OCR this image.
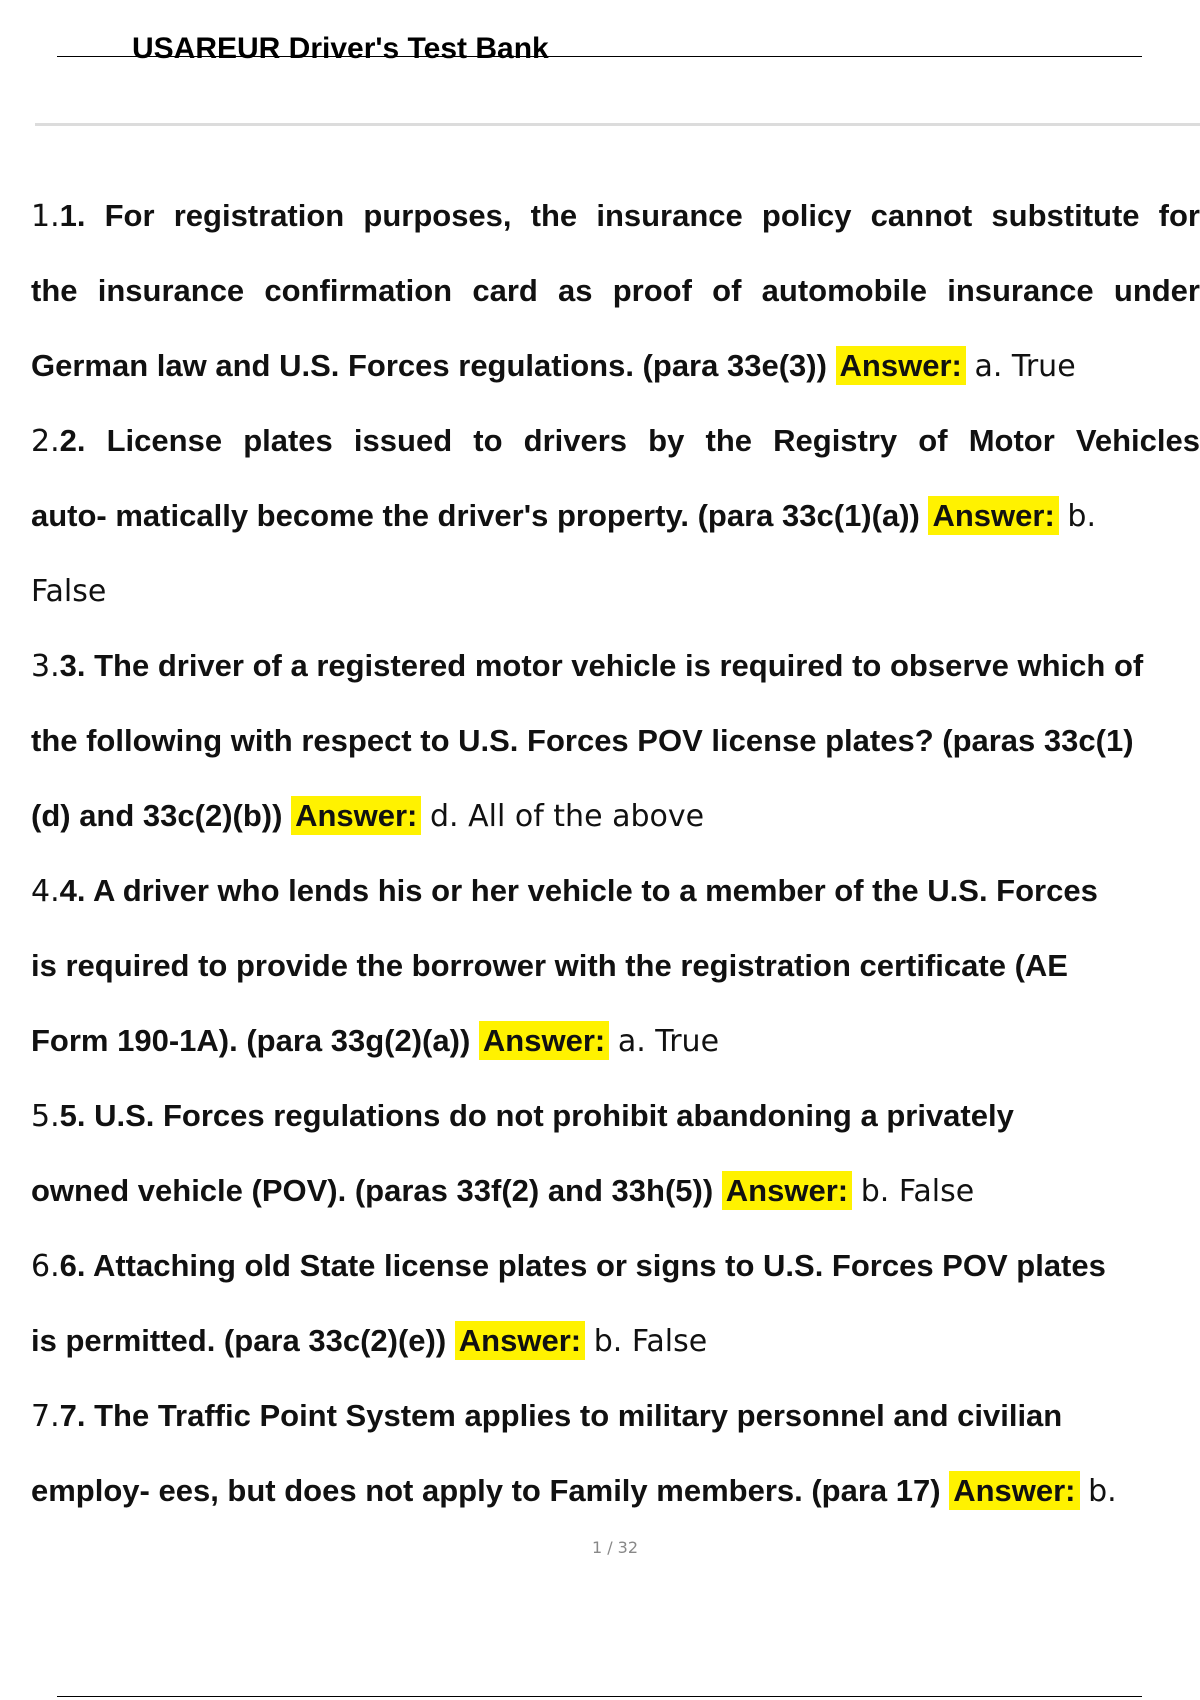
USAREUR Driver's Test Bank
1.1. For registration purposes, the insurance policy cannot substitute for
the insurance confirmation card as proof of automobile insurance under
German law and U.S. Forces regulations. (para 33e(3)) Answer: a. True
2.2. License plates issued to drivers by the Registry of Motor Vehicles
auto- matically become the driver's property. (para 33c(1)(a)) Answer: b.
False
3.3. The driver of a registered motor vehicle is required to observe which of
the following with respect to U.S. Forces POV license plates? (paras 33c(1)
(d) and 33c(2)(b)) Answer: d. All of the above
4.4. A driver who lends his or her vehicle to a member of the U.S. Forces
is required to provide the borrower with the registration certificate (AE
Form 190-1A). (para 33g(2)(a)) Answer: a. True
5.5. U.S. Forces regulations do not prohibit abandoning a privately
owned vehicle (POV). (paras 33f(2) and 33h(5)) Answer: b. False
6.6. Attaching old State license plates or signs to U.S. Forces POV plates
is permitted. (para 33c(2)(e)) Answer: b. False
7.7. The Traffic Point System applies to military personnel and civilian
employ- ees, but does not apply to Family members. (para 17) Answer: b.
1 / 32
